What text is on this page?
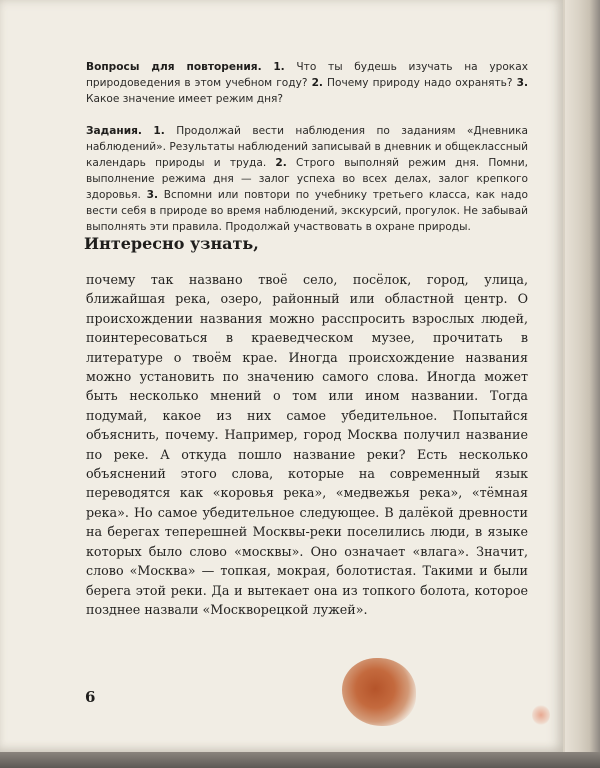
Вопросы для повторения. 1. Что ты будешь изучать на уроках природоведения в этом учебном году? 2. Почему природу надо охранять? 3. Какое значение имеет режим дня?
Задания. 1. Продолжай вести наблюдения по заданиям «Дневника наблюдений». Результаты наблюдений записывай в дневник и общеклассный календарь природы и труда. 2. Строго выполняй режим дня. Помни, выполнение режима дня — залог успеха во всех делах, залог крепкого здоровья. 3. Вспомни или повтори по учебнику третьего класса, как надо вести себя в природе во время наблюдений, экскурсий, прогулок. Не забывай выполнять эти правила. Продолжай участвовать в охране природы.
Интересно узнать,
почему так названо твоё село, посёлок, город, улица, ближайшая река, озеро, районный или областной центр. О происхождении названия можно расспросить взрослых людей, поинтересоваться в краеведческом музее, прочитать в литературе о твоём крае. Иногда происхождение названия можно установить по значению самого слова. Иногда может быть несколько мнений о том или ином названии. Тогда подумай, какое из них самое убедительное. Попытайся объяснить, почему. Например, город Москва получил название по реке. А откуда пошло название реки? Есть несколько объяснений этого слова, которые на современный язык переводятся как «коровья река», «медвежья река», «тёмная река». Но самое убедительное следующее. В далёкой древности на берегах теперешней Москвы-реки поселились люди, в языке которых было слово «москвы». Оно означает «влага». Значит, слово «Москва» — топкая, мокрая, болотистая. Такими и были берега этой реки. Да и вытекает она из топкого болота, которое позднее назвали «Москворецкой лужей».
6
